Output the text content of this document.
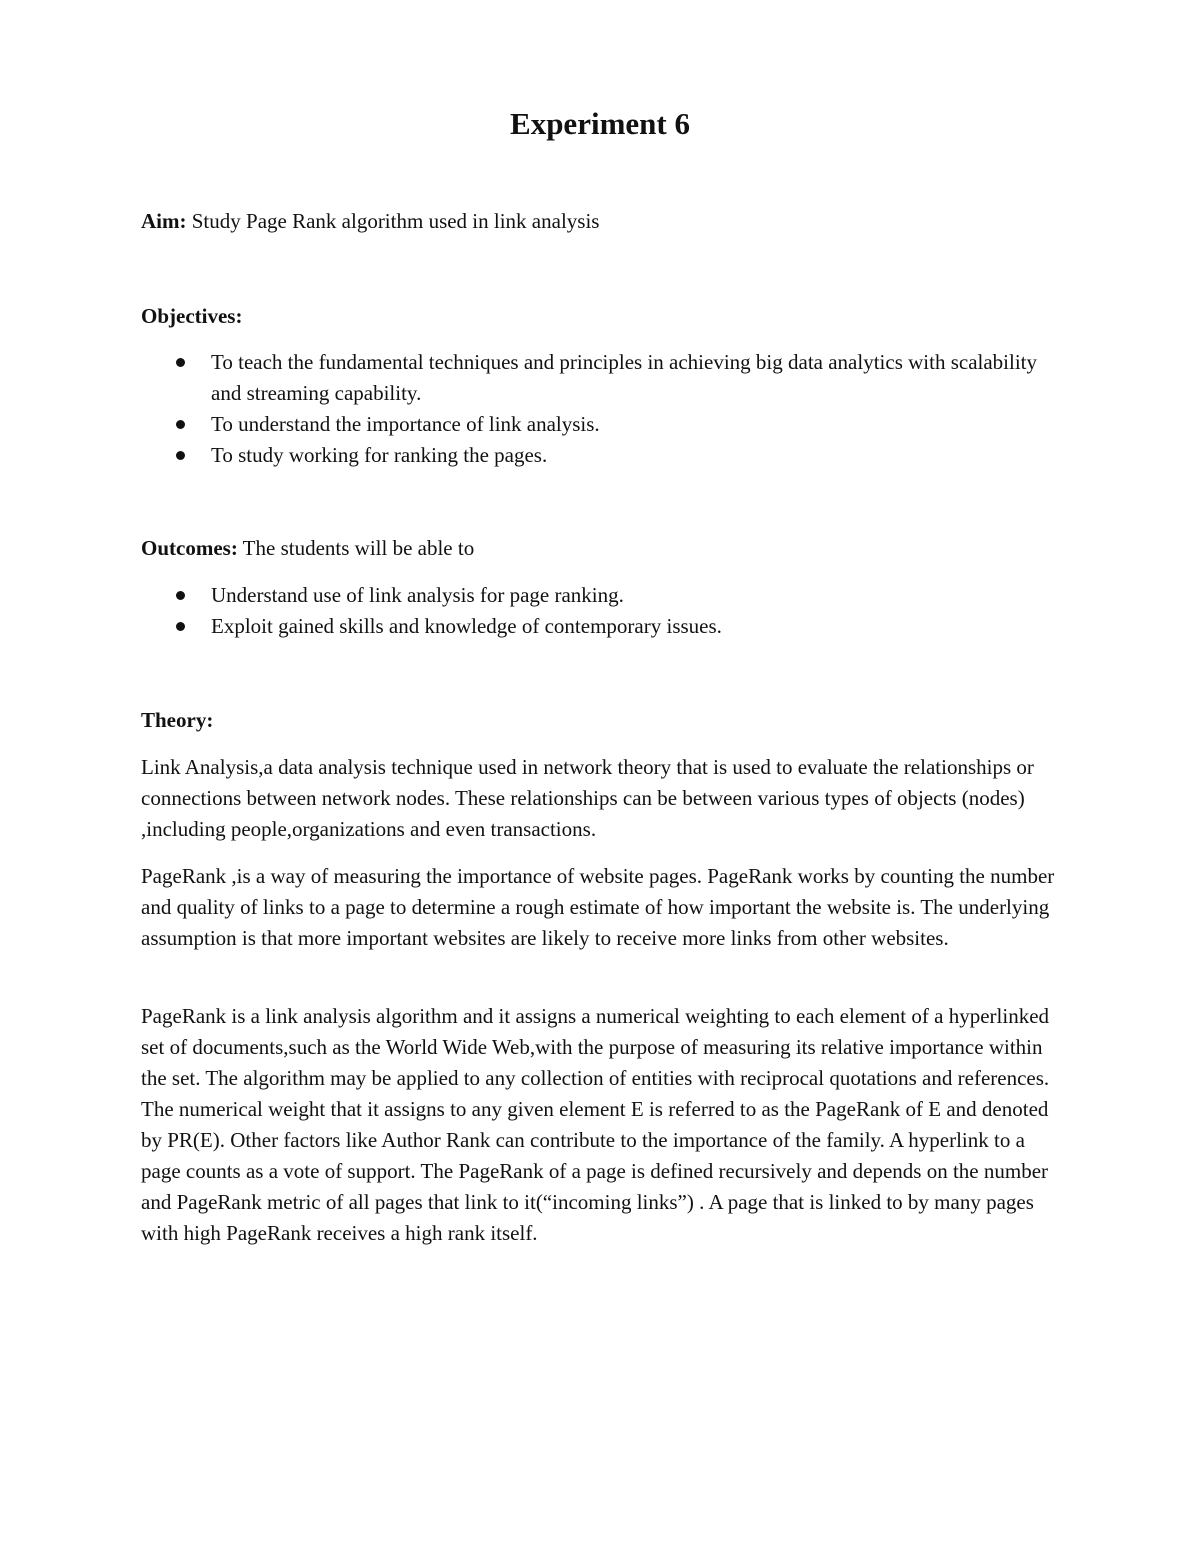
Experiment 6

Aim: Study Page Rank algorithm used in link analysis

Objectives:

To teach the fundamental techniques and principles in achieving big data analytics with scalability and streaming capability.
To understand the importance of link analysis.
To study working for ranking the pages.

Outcomes: The students will be able to

Understand use of link analysis for page ranking.
Exploit gained skills and knowledge of contemporary issues.

Theory:

Link Analysis,a data analysis technique used in network theory that is used to evaluate the relationships or connections between network nodes. These relationships can be between various types of objects (nodes) ,including people,organizations and even transactions.

PageRank ,is a way of measuring the importance of website pages. PageRank works by counting the number and quality of links to a page to determine a rough estimate of how important the website is. The underlying assumption is that more important websites are likely to receive more links from other websites.

PageRank is a link analysis algorithm and it assigns a numerical weighting to each element of a hyperlinked set of documents,such as the World Wide Web,with the purpose of measuring its relative importance within the set. The algorithm may be applied to any collection of entities with reciprocal quotations and references. The numerical weight that it assigns to any given element E is referred to as the PageRank of E and denoted by PR(E). Other factors like Author Rank can contribute to the importance of the family. A hyperlink to a page counts as a vote of support. The PageRank of a page is defined recursively and depends on the number and PageRank metric of all pages that link to it(“incoming links”) . A page that is linked to by many pages with high PageRank receives a high rank itself.
